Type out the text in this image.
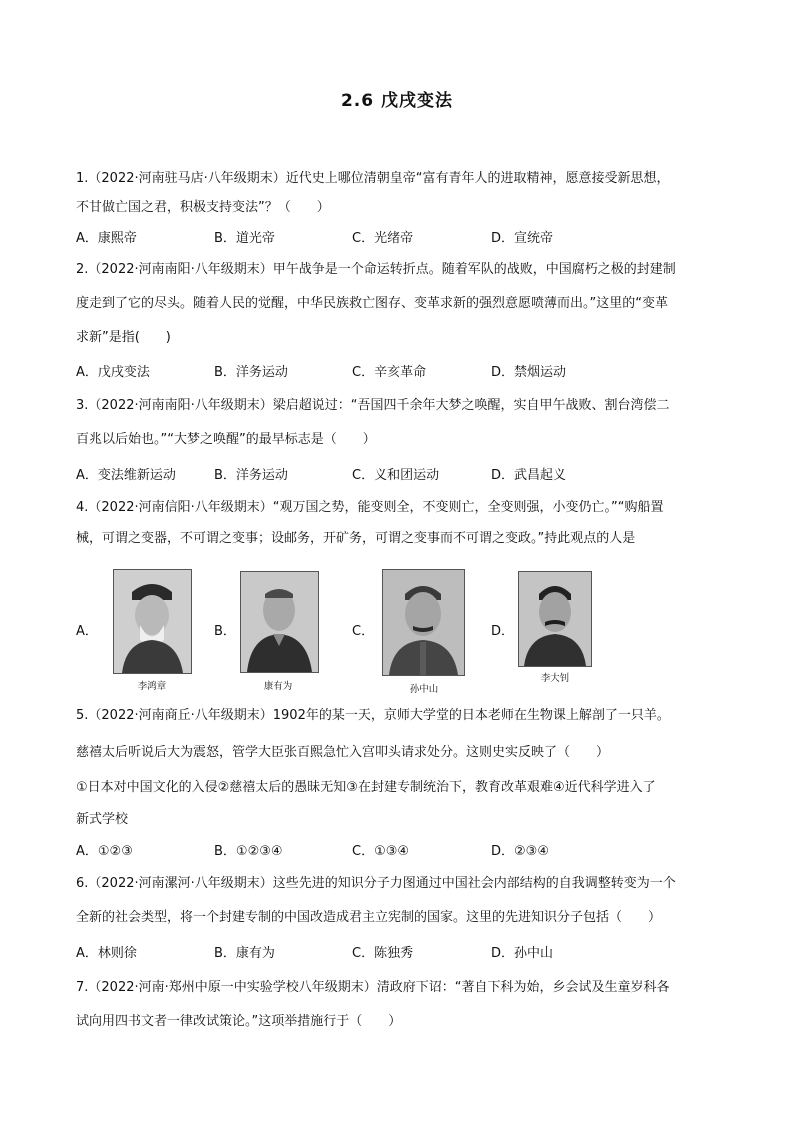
2.6 戊戌变法
1.（2022·河南驻马店·八年级期末）近代史上哪位清朝皇帝“富有青年人的进取精神，愿意接受新思想，
不甘做亡国之君，积极支持变法”？（　　）
A．康熙帝	B．道光帝	C．光绪帝	D．宣统帝
2.（2022·河南南阳·八年级期末）甲午战争是一个命运转折点。随着军队的战败，中国腐朽之极的封建制
度走到了它的尽头。随着人民的觉醒，中华民族救亡图存、变革求新的强烈意愿喷薄而出。”这里的“变革
求新”是指(　　)
A．戊戌变法	B．洋务运动	C．辛亥革命	D．禁烟运动
3.（2022·河南南阳·八年级期末）梁启超说过：“吾国四千余年大梦之唤醒，实自甲午战败、割台湾偿二
百兆以后始也。”“大梦之唤醒”的最早标志是（　　）
A．变法维新运动	B．洋务运动	C．义和团运动	D．武昌起义
4.（2022·河南信阳·八年级期末）“观万国之势，能变则全，不变则亡，全变则强，小变仍亡。”“购船置
械，可谓之变器，不可谓之变事；设邮务，开矿务，可谓之变事而不可谓之变政。”持此观点的人是
A．
李鸿章
B．
康有为
C．
孙中山
D．
李大钊
5.（2022·河南商丘·八年级期末）1902年的某一天，京师大学堂的日本老师在生物课上解剖了一只羊。
慈禧太后听说后大为震怒，管学大臣张百熙急忙入宫叩头请求处分。这则史实反映了（　　）
①日本对中国文化的入侵②慈禧太后的愚昧无知③在封建专制统治下，教育改革艰难④近代科学进入了
新式学校
A．①②③	B．①②③④	C．①③④	D．②③④
6.（2022·河南漯河·八年级期末）这些先进的知识分子力图通过中国社会内部结构的自我调整转变为一个
全新的社会类型，将一个封建专制的中国改造成君主立宪制的国家。这里的先进知识分子包括（　　）
A．林则徐	B．康有为	C．陈独秀	D．孙中山
7.（2022·河南·郑州中原一中实验学校八年级期末）清政府下诏：“著自下科为始，乡会试及生童岁科各
试向用四书文者一律改试策论。”这项举措施行于（　　）
